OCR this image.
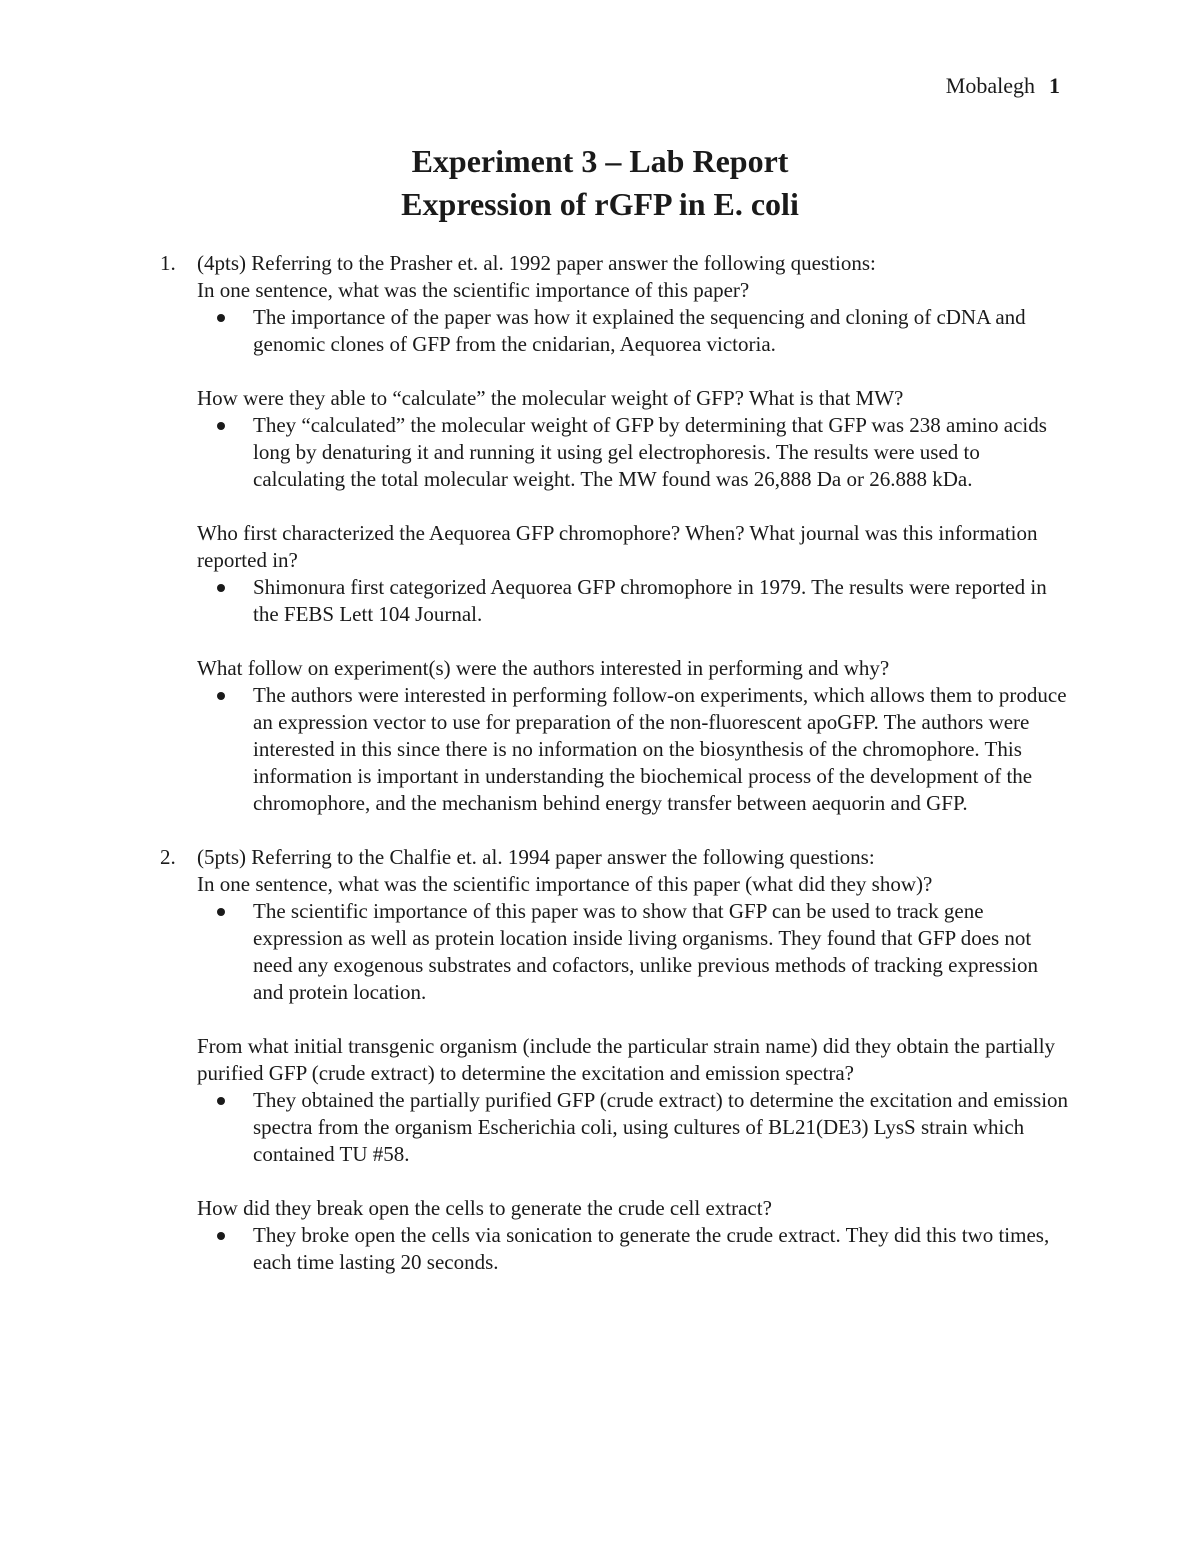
Mobalegh 1
Experiment 3 – Lab Report
Expression of rGFP in E. coli
1. (4pts) Referring to the Prasher et. al. 1992 paper answer the following questions:

In one sentence, what was the scientific importance of this paper?

The importance of the paper was how it explained the sequencing and cloning of cDNA and genomic clones of GFP from the cnidarian, Aequorea victoria.

How were they able to “calculate” the molecular weight of GFP? What is that MW?

They “calculated” the molecular weight of GFP by determining that GFP was 238 amino acids long by denaturing it and running it using gel electrophoresis. The results were used to calculating the total molecular weight. The MW found was 26,888 Da or 26.888 kDa.

Who first characterized the Aequorea GFP chromophore? When? What journal was this information reported in?

Shimonura first categorized Aequorea GFP chromophore in 1979. The results were reported in the FEBS Lett 104 Journal.

What follow on experiment(s) were the authors interested in performing and why?

The authors were interested in performing follow-on experiments, which allows them to produce an expression vector to use for preparation of the non-fluorescent apoGFP. The authors were interested in this since there is no information on the biosynthesis of the chromophore. This information is important in understanding the biochemical process of the development of the chromophore, and the mechanism behind energy transfer between aequorin and GFP.

2. (5pts) Referring to the Chalfie et. al. 1994 paper answer the following questions:

In one sentence, what was the scientific importance of this paper (what did they show)?

The scientific importance of this paper was to show that GFP can be used to track gene expression as well as protein location inside living organisms. They found that GFP does not need any exogenous substrates and cofactors, unlike previous methods of tracking expression and protein location.

From what initial transgenic organism (include the particular strain name) did they obtain the partially purified GFP (crude extract) to determine the excitation and emission spectra?

They obtained the partially purified GFP (crude extract) to determine the excitation and emission spectra from the organism Escherichia coli, using cultures of BL21(DE3) LysS strain which contained TU #58.

How did they break open the cells to generate the crude cell extract?

They broke open the cells via sonication to generate the crude extract. They did this two times, each time lasting 20 seconds.
